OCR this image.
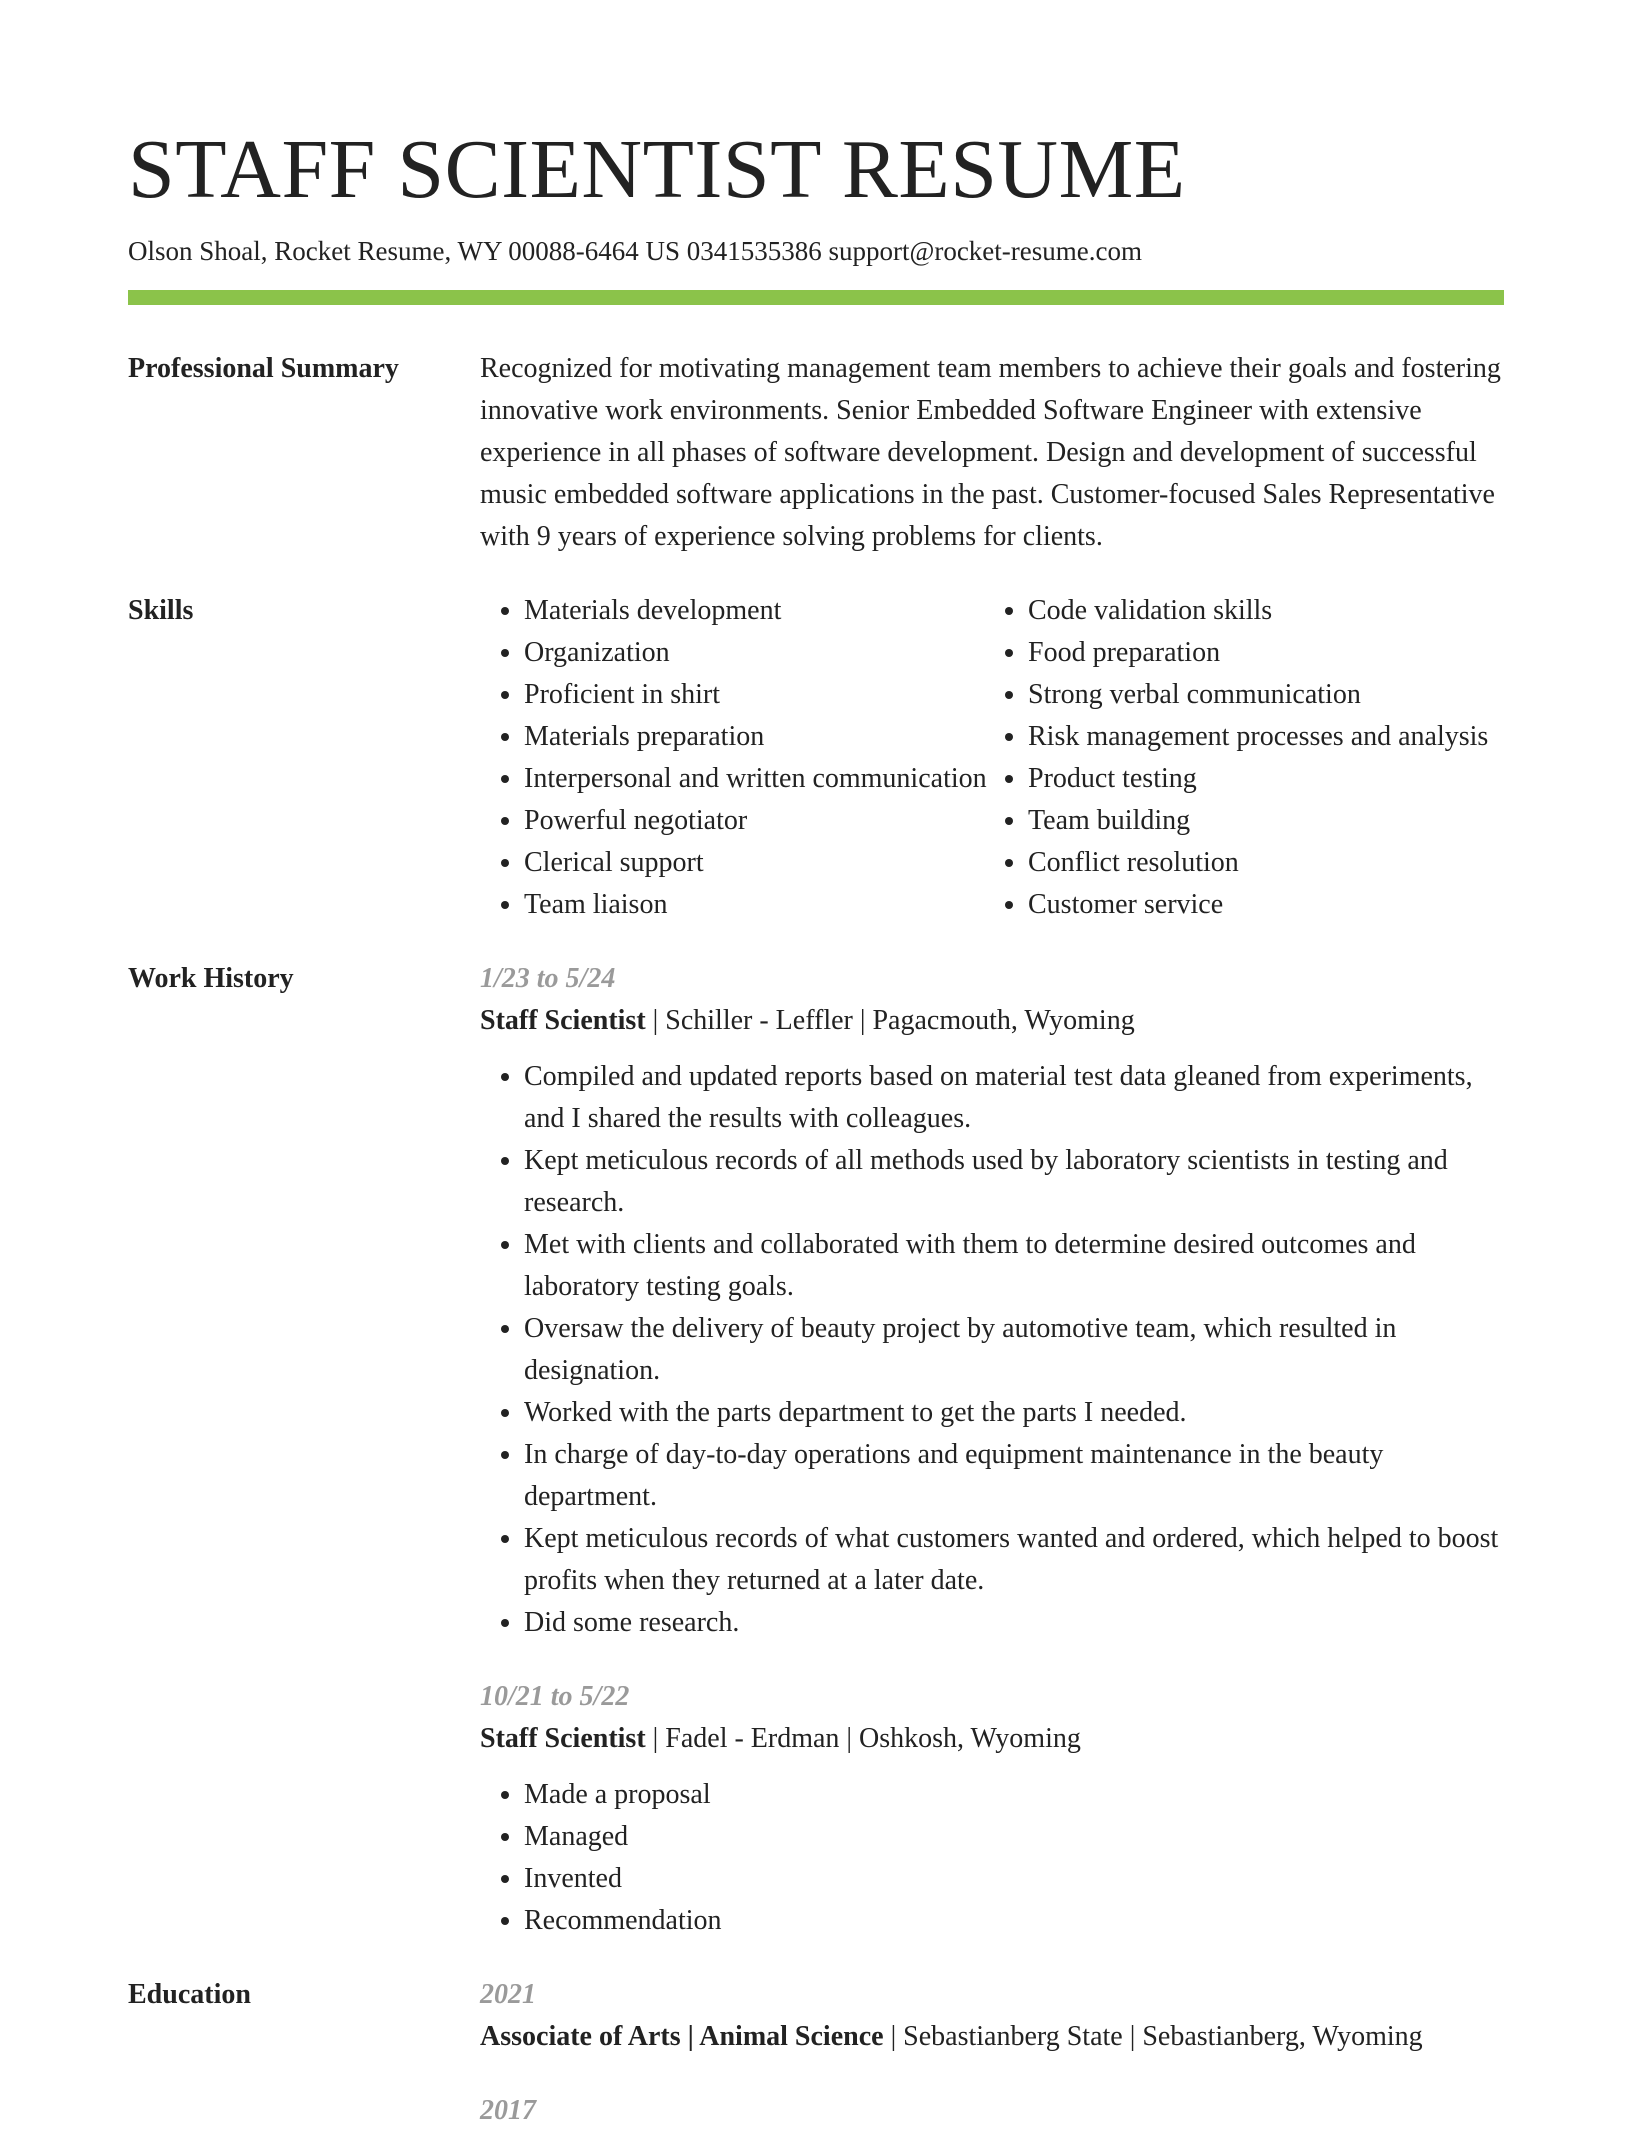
STAFF SCIENTIST RESUME
Olson Shoal, Rocket Resume, WY 00088-6464 US 0341535386 support@rocket-resume.com
Professional Summary	Recognized for motivating management team members to achieve their goals and fostering innovative work environments. Senior Embedded Software Engineer with extensive experience in all phases of software development. Design and development of successful music embedded software applications in the past. Customer-focused Sales Representative with 9 years of experience solving problems for clients.

Skills
•	Materials development
• Organization
• Proficient in shirt
• Materials preparation
• Interpersonal and written communication
• Powerful negotiator
• Clerical support
• Team liaison
• Code validation skills
• Food preparation
• Strong verbal communication
• Risk management processes and analysis
• Product testing
• Team building
• Conflict resolution
• Customer service
Work History	1/23 to 5/24
Staff Scientist | Schiller - Leffler | Pagacmouth, Wyoming
• Compiled and updated reports based on material test data gleaned from experiments, and I shared the results with colleagues.
• Kept meticulous records of all methods used by laboratory scientists in testing and research.
• Met with clients and collaborated with them to determine desired outcomes and laboratory testing goals.
• Oversaw the delivery of beauty project by automotive team, which resulted in designation.
• Worked with the parts department to get the parts I needed.
• In charge of day-to-day operations and equipment maintenance in the beauty department.
• Kept meticulous records of what customers wanted and ordered, which helped to boost profits when they returned at a later date.
• Did some research.
10/21 to 5/22
Staff Scientist | Fadel - Erdman | Oshkosh, Wyoming
• Made a proposal
• Managed
• Invented
• Recommendation
Education	2021
Associate of Arts | Animal Science | Sebastianberg State | Sebastianberg, Wyoming
2017
